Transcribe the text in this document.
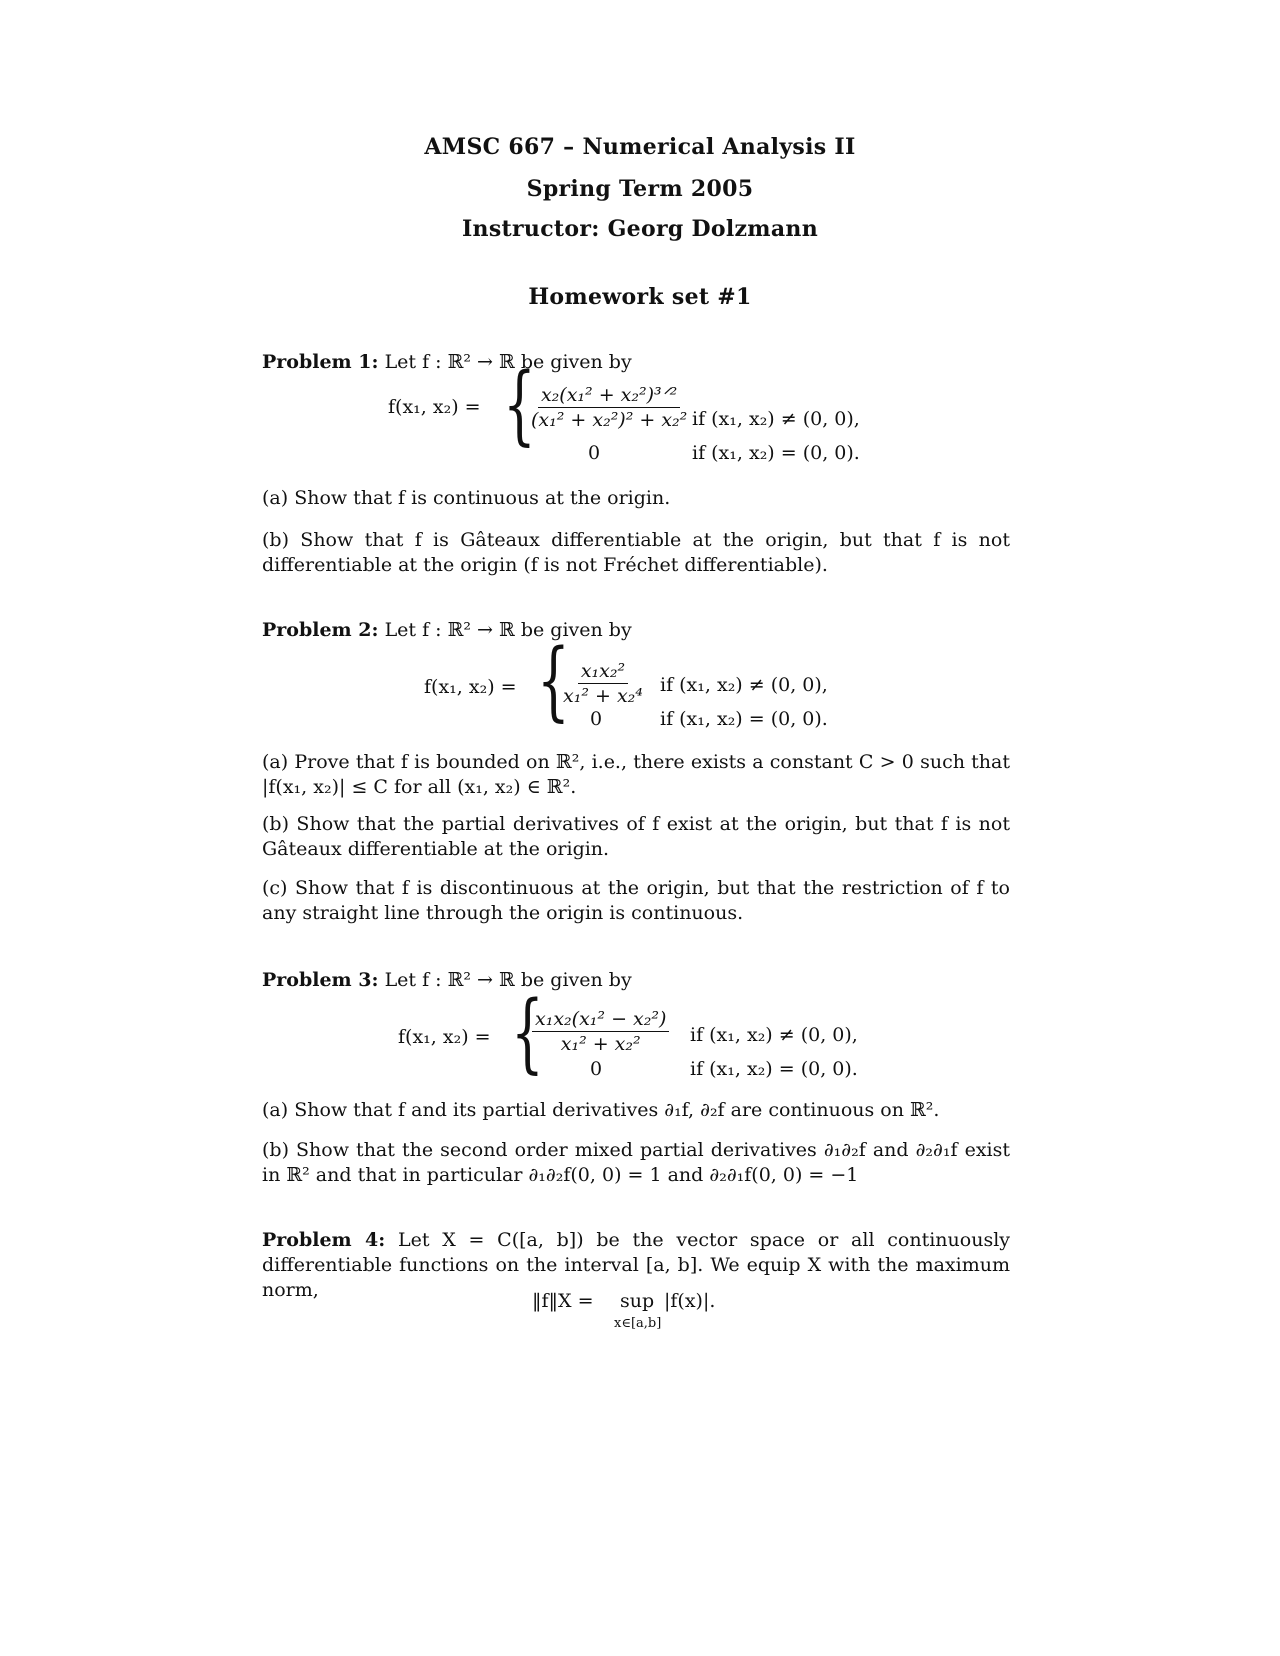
AMSC 667 – Numerical Analysis II
Spring Term 2005
Instructor: Georg Dolzmann
Homework set #1
Problem 1: Let f : ℝ² → ℝ be given by
f(x₁, x₂) = {
$\frac{\text{x₂(x₁² + x₂²)³ᐟ²}}{\text{(x₁² + x₂²)² + x₂²}}$ if (x₁, x₂) ≠ (0, 0),
0	if (x₁, x₂) = (0, 0).
(a) Show that f is continuous at the origin.
(b) Show that f is Gâteaux differentiable at the origin, but that f is not differentiable at the origin (f is not Fréchet differentiable).
Problem 2: Let f : ℝ² → ℝ be given by
f(x₁, x₂) = {
$\frac{\text{x₁x₂²}}{\text{x₁² + x₂⁴}}$ if (x₁, x₂) ≠ (0, 0),
0	if (x₁, x₂) = (0, 0).
(a) Prove that f is bounded on ℝ², i.e., there exists a constant C > 0 such that |f(x₁, x₂)| ≤ C for all (x₁, x₂) ∈ ℝ².
(b) Show that the partial derivatives of f exist at the origin, but that f is not Gâteaux differentiable at the origin.
(c) Show that f is discontinuous at the origin, but that the restriction of f to any straight line through the origin is continuous.
Problem 3: Let f : ℝ² → ℝ be given by
f(x₁, x₂) = {
$\frac{\text{x₁x₂(x₁² − x₂²)}}{\text{x₁² + x₂²}}$ if (x₁, x₂) ≠ (0, 0),
0	if (x₁, x₂) = (0, 0).
(a) Show that f and its partial derivatives ∂₁f, ∂₂f are continuous on ℝ².
(b) Show that the second order mixed partial derivatives ∂₁∂₂f and ∂₂∂₁f exist in ℝ² and that in particular ∂₁∂₂f(0, 0) = 1 and ∂₂∂₁f(0, 0) = −1
Problem 4: Let X = C([a, b]) be the vector space or all continuously differentiable functions on the interval [a, b]. We equip X with the maximum norm,	‖f‖X = sup
x∈[a,b]
|f(x)|.
